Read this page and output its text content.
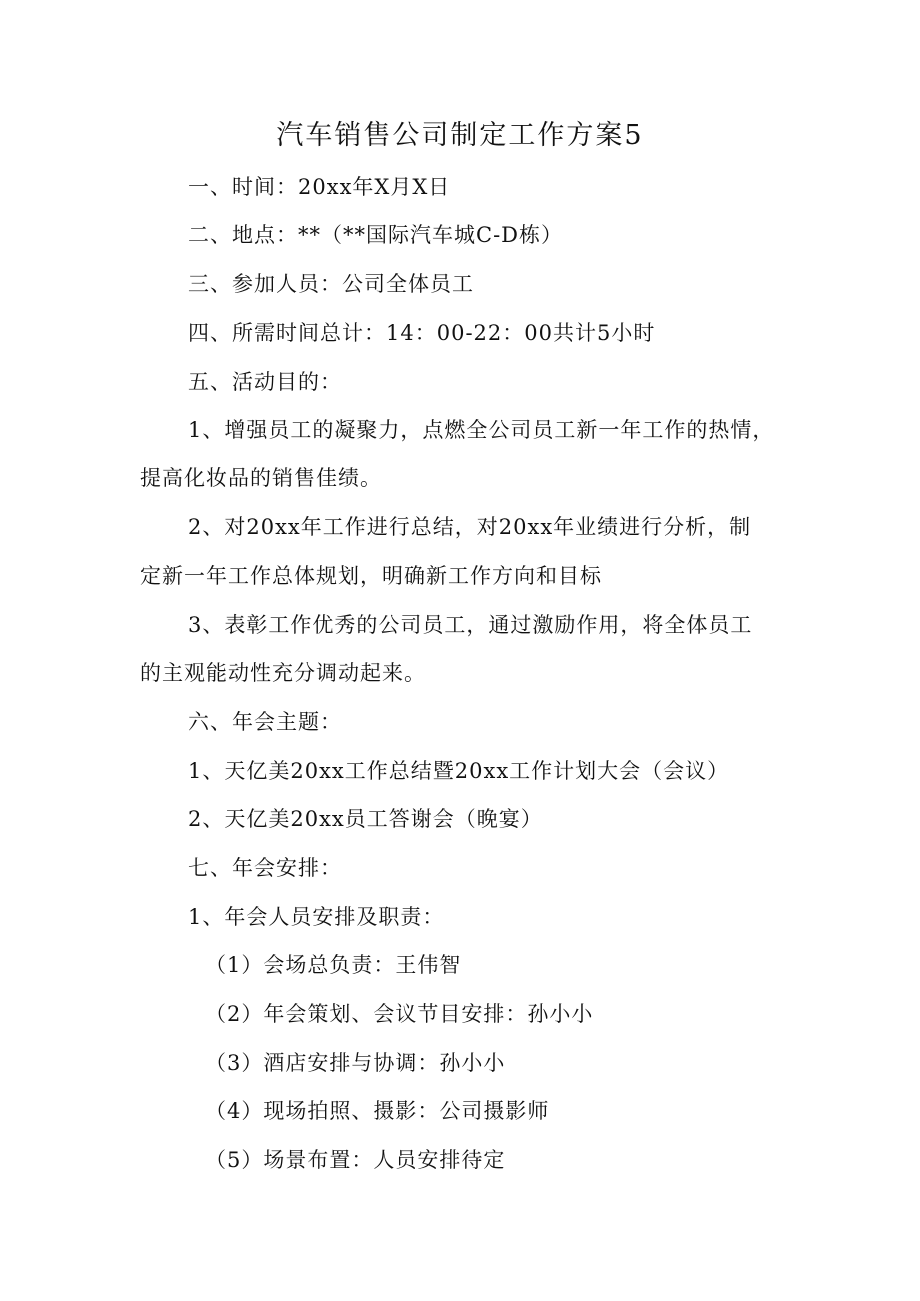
汽车销售公司制定工作方案5
一、时间：20xx年X月X日
二、地点：**（**国际汽车城C-D栋）
三、参加人员：公司全体员工
四、所需时间总计：14：00-22：00共计5小时
五、活动目的：
1、增强员工的凝聚力，点燃全公司员工新一年工作的热情，
提高化妆品的销售佳绩。
2、对20xx年工作进行总结，对20xx年业绩进行分析，制
定新一年工作总体规划，明确新工作方向和目标
3、表彰工作优秀的公司员工，通过激励作用，将全体员工
的主观能动性充分调动起来。
六、年会主题：
1、天亿美20xx工作总结暨20xx工作计划大会（会议）
2、天亿美20xx员工答谢会（晚宴）
七、年会安排：
1、年会人员安排及职责：
（1）会场总负责：王伟智
（2）年会策划、会议节目安排：孙小小
（3）酒店安排与协调：孙小小
（4）现场拍照、摄影：公司摄影师
（5）场景布置：人员安排待定
